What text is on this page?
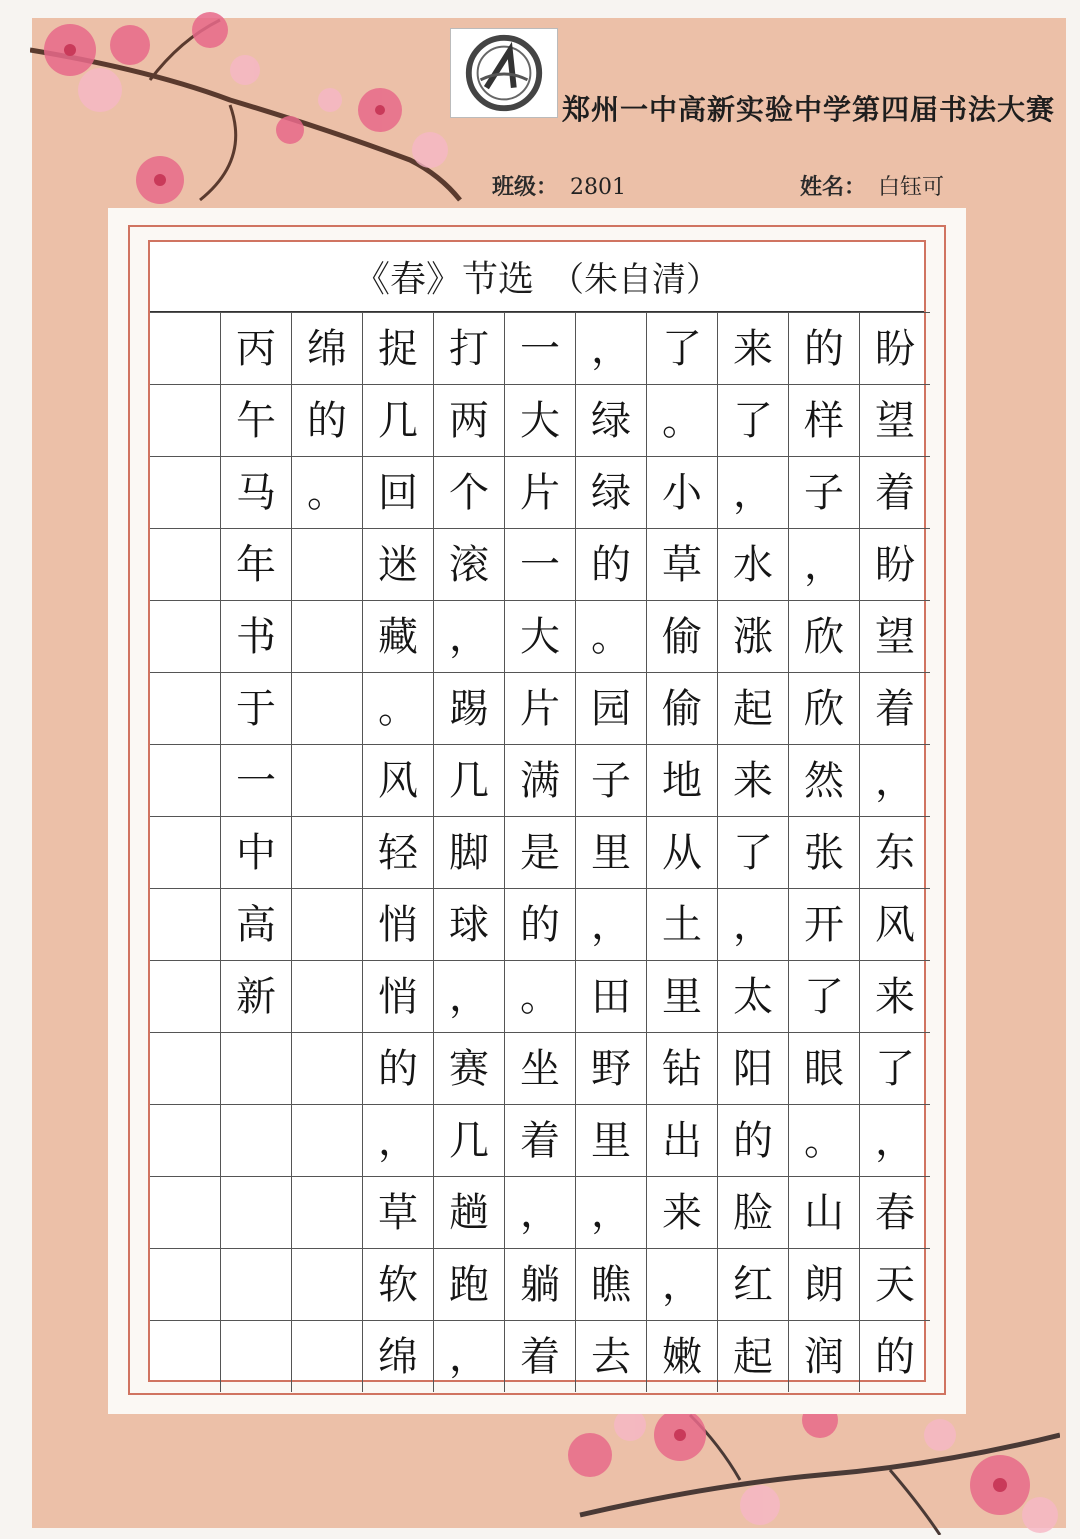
郑州一中高新实验中学第四届书法大赛
班级： 2801	姓名： 白钰可
《春》节选 （朱自清）
	丙	绵	捉	打	一	，	了	来	的	盼
	午	的	几	两	大	绿	。	了	样	望
	马	。	回	个	片	绿	小	，	子	着
	年		迷	滚	一	的	草	水	，	盼
	书		藏	，	大	。	偷	涨	欣	望
	于		。	踢	片	园	偷	起	欣	着
	一		风	几	满	子	地	来	然	，
	中		轻	脚	是	里	从	了	张	东
	高		悄	球	的	，	土	，	开	风
	新		悄	，	。	田	里	太	了	来
			的	赛	坐	野	钻	阳	眼	了
			，	几	着	里	出	的	。	，
			草	趟	，	，	来	脸	山	春
			软	跑	躺	瞧	，	红	朗	天
			绵	，	着	去	嫩	起	润	的
